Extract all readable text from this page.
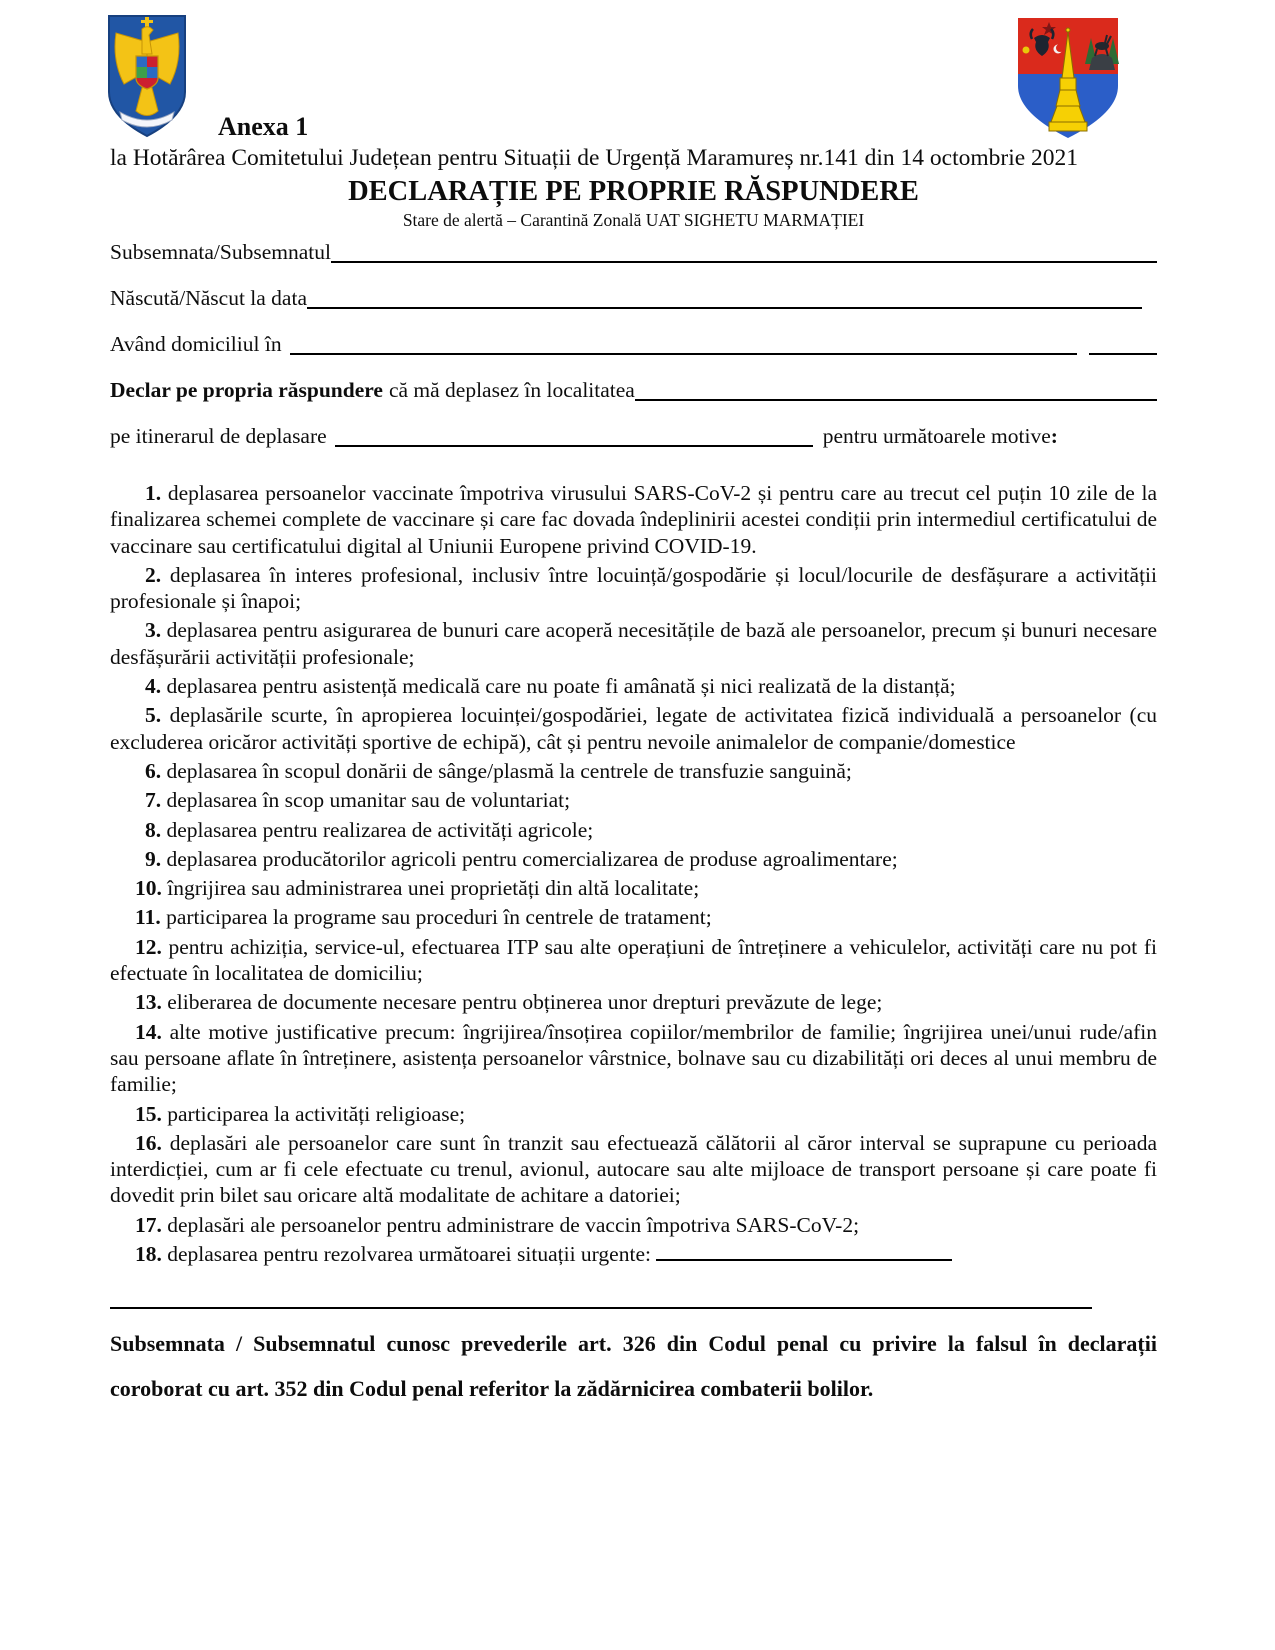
Anexa 1

la Hotărârea Comitetului Județean pentru Situații de Urgență Maramureș nr.141 din 14 octombrie 2021

DECLARAȚIE PE PROPRIE RĂSPUNDERE

Stare de alertă – Carantină Zonală UAT SIGHETU MARMAȚIEI

Subsemnata/Subsemnatul
Născută/Născut la data
Având domiciliul în
Declar pe propria răspundere că mă deplasez în localitatea
pe itinerarul de deplasare	pentru următoarele motive :

1. deplasarea persoanelor vaccinate împotriva virusului SARS-CoV-2 și pentru care au trecut cel puțin 10 zile de la finalizarea schemei complete de vaccinare și care fac dovada îndeplinirii acestei condiții prin intermediul certificatului de vaccinare sau certificatului digital al Uniunii Europene privind COVID-19.

2. deplasarea în interes profesional, inclusiv între locuință/gospodărie și locul/locurile de desfășurare a activității profesionale și înapoi;

3. deplasarea pentru asigurarea de bunuri care acoperă necesitățile de bază ale persoanelor, precum și bunuri necesare desfășurării activității profesionale;

4. deplasarea pentru asistență medicală care nu poate fi amânată și nici realizată de la distanță;

5. deplasările scurte, în apropierea locuinței/gospodăriei, legate de activitatea fizică individuală a persoanelor (cu excluderea oricăror activități sportive de echipă), cât și pentru nevoile animalelor de companie/domestice

6. deplasarea în scopul donării de sânge/plasmă la centrele de transfuzie sanguină;

7. deplasarea în scop umanitar sau de voluntariat;

8. deplasarea pentru realizarea de activități agricole;

9. deplasarea producătorilor agricoli pentru comercializarea de produse agroalimentare;

10. îngrijirea sau administrarea unei proprietăți din altă localitate;

11. participarea la programe sau proceduri în centrele de tratament;

12. pentru achiziția, service-ul, efectuarea ITP sau alte operațiuni de întreținere a vehiculelor, activități care nu pot fi efectuate în localitatea de domiciliu;

13. eliberarea de documente necesare pentru obținerea unor drepturi prevăzute de lege;

14. alte motive justificative precum: îngrijirea/însoțirea copiilor/membrilor de familie; îngrijirea unei/unui rude/afin sau persoane aflate în întreținere, asistența persoanelor vârstnice, bolnave sau cu dizabilități ori deces al unui membru de familie;

15. participarea la activități religioase;

16. deplasări ale persoanelor care sunt în tranzit sau efectuează călătorii al căror interval se suprapune cu perioada interdicției, cum ar fi cele efectuate cu trenul, avionul, autocare sau alte mijloace de transport persoane și care poate fi dovedit prin bilet sau oricare altă modalitate de achitare a datoriei;

17. deplasări ale persoanelor pentru administrare de vaccin împotriva SARS-CoV-2;

18. deplasarea pentru rezolvarea următoarei situații urgente:

Subsemnata / Subsemnatul cunosc prevederile art. 326 din Codul penal cu privire la falsul în declarații coroborat cu art. 352 din Codul penal referitor la zădărnicirea combaterii bolilor.
